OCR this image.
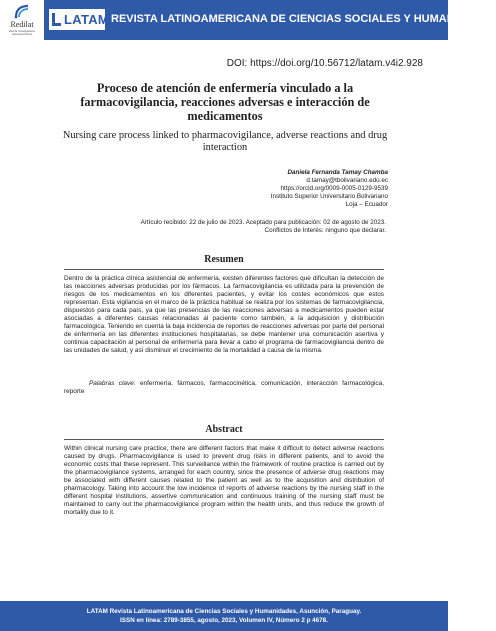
Redilat
Red de Investigadores Latinoamericanos
LATAM REVISTA LATINOAMERICANA DE CIENCIAS SOCIALES Y HUMANIDADES
DOI: https://doi.org/10.56712/latam.v4i2.928
Proceso de atención de enfermería vinculado a la farmacovigilancia, reacciones adversas e interacción de medicamentos
Nursing care process linked to pharmacovigilance, adverse reactions and drug interaction
Daniela Fernanda Tamay Chamba
d.tamay@tbolivariano.edu.ec
https://orcid.org/0009-0005-0129-9539
Instituto Superior Universitario Bolivariano
Loja – Ecuador
Artículo recibido: 22 de julio de 2023. Aceptado para publicación: 02 de agosto de 2023.
Conflictos de Interés: ninguno que declarar.
Resumen
Dentro de la práctica clínica asistencial de enfermería, existen diferentes factores que dificultan la detección de las reacciones adversas producidas por los fármacos. La farmacovigilancia es utilizada para la prevención de riesgos de los medicamentos en los diferentes pacientes, y evitar los costes económicos que estos representan. Esta vigilancia en el marco de la práctica habitual se realiza por los sistemas de farmacovigilancia, dispuestos para cada país, ya que las presencias de las reacciones adversas a medicamentos pueden estar asociadas a diferentes causas relacionadas al paciente como también, a la adquisición y distribución farmacológica. Teniendo en cuenta la baja incidencia de reportes de reacciones adversas por parte del personal de enfermería en las diferentes instituciones hospitalarias, se debe mantener una comunicación asertiva y continua capacitación al personal de enfermería para llevar a cabo el programa de farmacovigilancia dentro de las unidades de salud, y así disminuir el crecimiento de la mortalidad a causa de la misma.
Palabras clave: enfermería, fármacos, farmacocinética, comunicación, interacción farmacológica, reporte
Abstract
Within clinical nursing care practice, there are different factors that make it difficult to detect adverse reactions caused by drugs. Pharmacovigilance is used to prevent drug risks in different patients, and to avoid the economic costs that these represent. This surveillance within the framework of routine practice is carried out by the pharmacovigilance systems, arranged for each country, since the presence of adverse drug reactions may be associated with different causes related to the patient as well as to the acquisition and distribution of pharmacology. Taking into account the low incidence of reports of adverse reactions by the nursing staff in the different hospital institutions, assertive communication and continuous training of the nursing staff must be maintained to carry out the pharmacovigilance program within the health units, and thus reduce the growth of mortality due to it.
LATAM Revista Latinoamericana de Ciencias Sociales y Humanidades, Asunción, Paraguay.
ISSN en línea: 2789-3855, agosto, 2023, Volumen IV, Número 2 p 4678.
